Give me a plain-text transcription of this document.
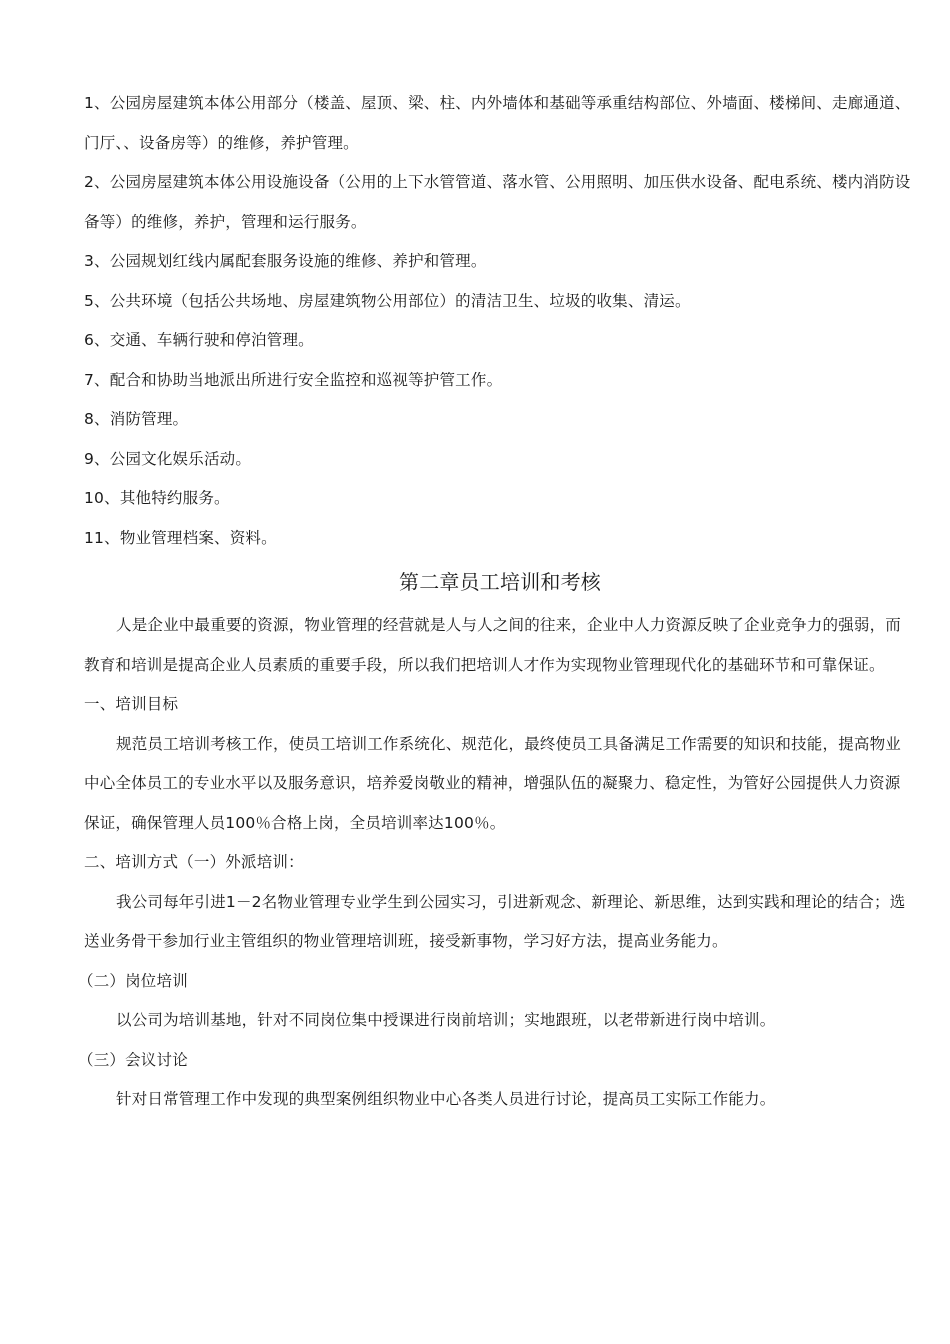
1、公园房屋建筑本体公用部分（楼盖、屋顶、梁、柱、内外墙体和基础等承重结构部位、外墙面、楼梯间、走廊通道、门厅、、设备房等）的维修，养护管理。

2、公园房屋建筑本体公用设施设备（公用的上下水管管道、落水管、公用照明、加压供水设备、配电系统、楼内消防设备等）的维修，养护，管理和运行服务。

3、公园规划红线内属配套服务设施的维修、养护和管理。

5、公共环境（包括公共场地、房屋建筑物公用部位）的清洁卫生、垃圾的收集、清运。

6、交通、车辆行驶和停泊管理。

7、配合和协助当地派出所进行安全监控和巡视等护管工作。

8、消防管理。

9、公园文化娱乐活动。

10、其他特约服务。

11、物业管理档案、资料。

第二章员工培训和考核

人是企业中最重要的资源，物业管理的经营就是人与人之间的往来，企业中人力资源反映了企业竞争力的强弱，而教育和培训是提高企业人员素质的重要手段，所以我们把培训人才作为实现物业管理现代化的基础环节和可靠保证。

一、培训目标

规范员工培训考核工作，使员工培训工作系统化、规范化，最终使员工具备满足工作需要的知识和技能，提高物业中心全体员工的专业水平以及服务意识，培养爱岗敬业的精神，增强队伍的凝聚力、稳定性，为管好公园提供人力资源保证，确保管理人员100％合格上岗，全员培训率达100％。

二、培训方式（一）外派培训：

我公司每年引进1－2名物业管理专业学生到公园实习，引进新观念、新理论、新思维，达到实践和理论的结合；选送业务骨干参加行业主管组织的物业管理培训班，接受新事物，学习好方法，提高业务能力。

（二）岗位培训

以公司为培训基地，针对不同岗位集中授课进行岗前培训；实地跟班，以老带新进行岗中培训。

（三）会议讨论

针对日常管理工作中发现的典型案例组织物业中心各类人员进行讨论，提高员工实际工作能力。
